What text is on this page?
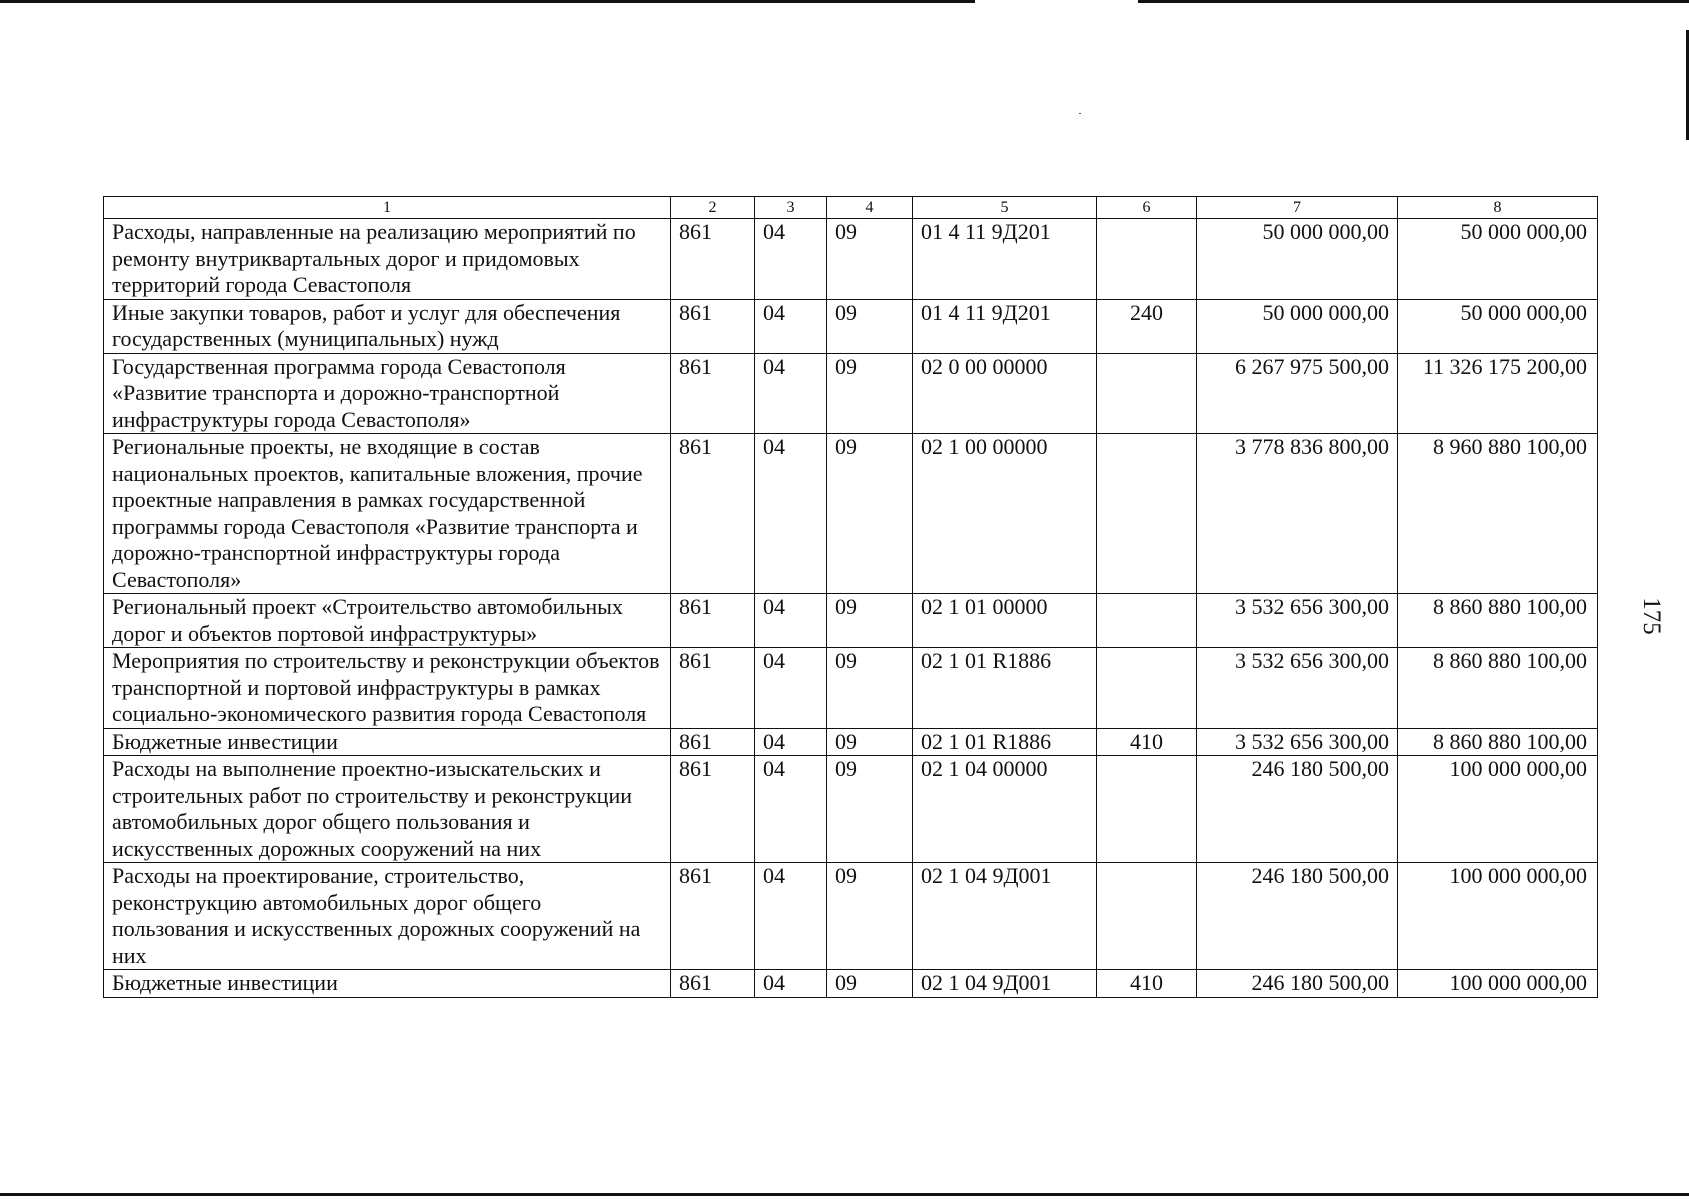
175
1	2	3	4	5	6	7	8
Расходы, направленные на реализацию мероприятий по ремонту внутриквартальных дорог и придомовых территорий города Севастополя	861	04	09	01 4 11 9Д201		50 000 000,00	50 000 000,00
Иные закупки товаров, работ и услуг для обеспечения государственных (муниципальных) нужд	861	04	09	01 4 11 9Д201	240	50 000 000,00	50 000 000,00
Государственная программа города Севастополя «Развитие транспорта и дорожно-транспортной инфраструктуры города Севастополя»	861	04	09	02 0 00 00000		6 267 975 500,00	11 326 175 200,00
Региональные проекты, не входящие в состав национальных проектов, капитальные вложения, прочие проектные направления в рамках государственной программы города Севастополя «Развитие транспорта и дорожно-транспортной инфраструктуры города Севастополя»	861	04	09	02 1 00 00000		3 778 836 800,00	8 960 880 100,00
Региональный проект «Строительство автомобильных дорог и объектов портовой инфраструктуры»	861	04	09	02 1 01 00000		3 532 656 300,00	8 860 880 100,00
Мероприятия по строительству и реконструкции объектов транспортной и портовой инфраструктуры в рамках социально-экономического развития города Севастополя	861	04	09	02 1 01 R1886		3 532 656 300,00	8 860 880 100,00
Бюджетные инвестиции	861	04	09	02 1 01 R1886	410	3 532 656 300,00	8 860 880 100,00
Расходы на выполнение проектно-изыскательских и строительных работ по строительству и реконструкции автомобильных дорог общего пользования и искусственных дорожных сооружений на них	861	04	09	02 1 04 00000		246 180 500,00	100 000 000,00
Расходы на проектирование, строительство, реконструкцию автомобильных дорог общего пользования и искусственных дорожных сооружений на них	861	04	09	02 1 04 9Д001		246 180 500,00	100 000 000,00
Бюджетные инвестиции	861	04	09	02 1 04 9Д001	410	246 180 500,00	100 000 000,00
